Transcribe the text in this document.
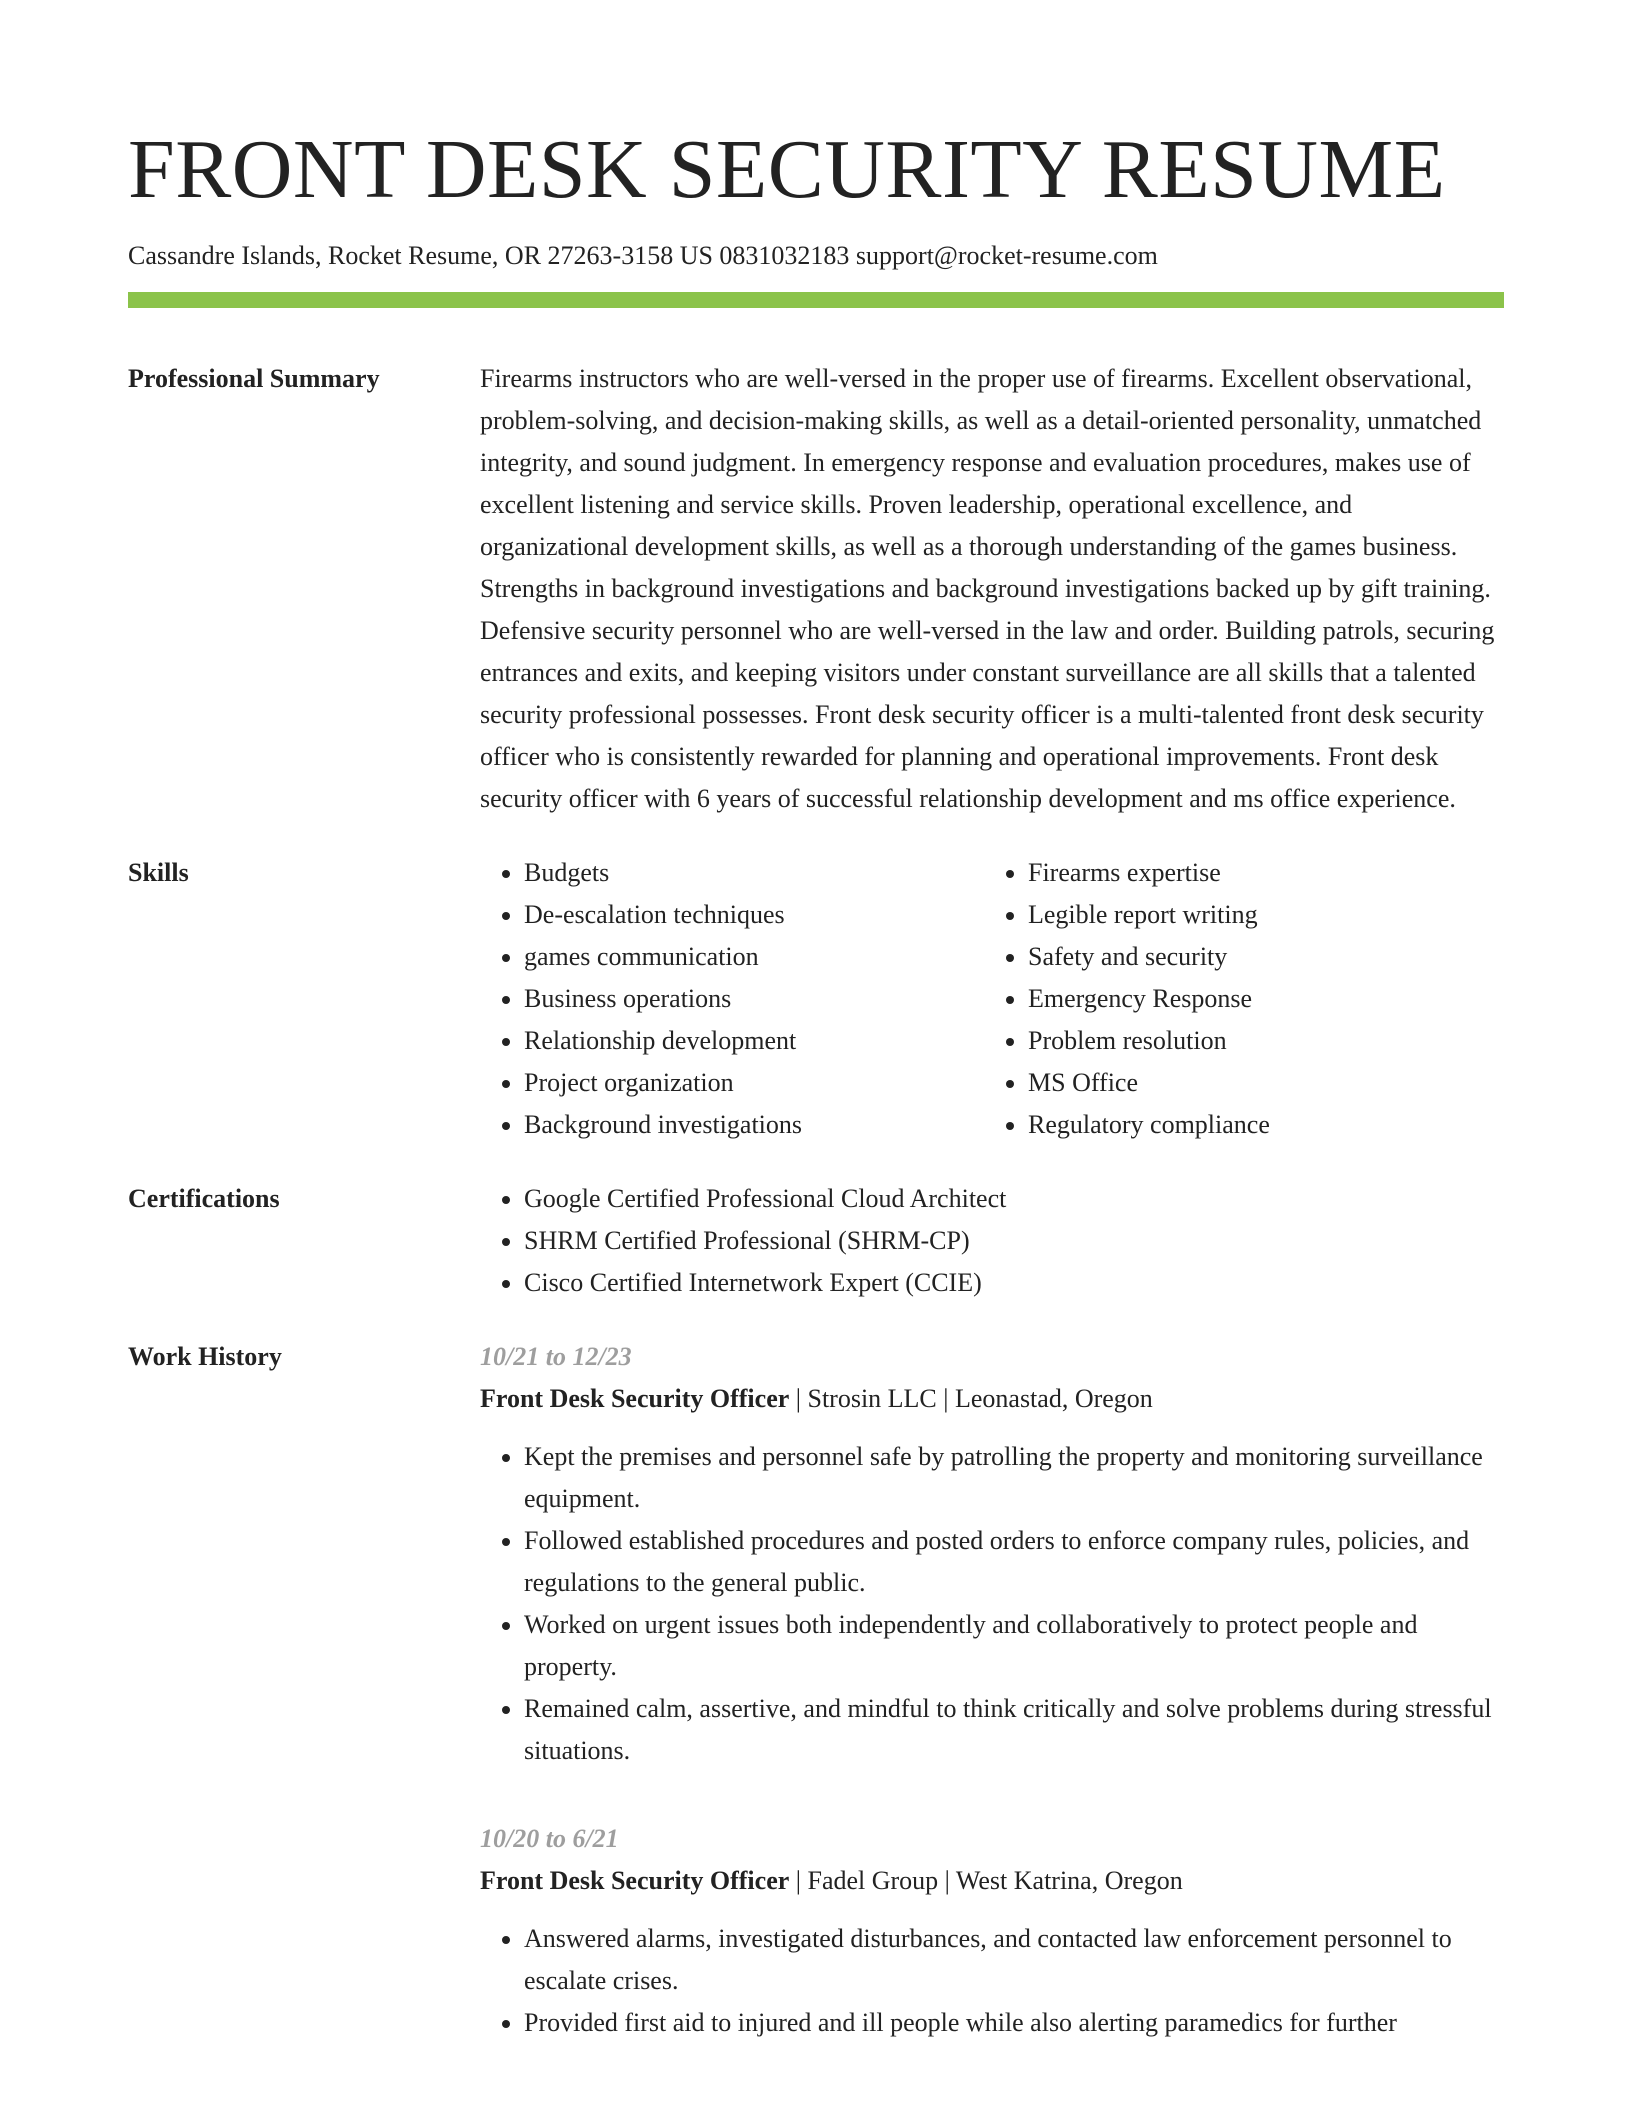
FRONT DESK SECURITY RESUME
Cassandre Islands, Rocket Resume, OR 27263-3158 US 0831032183 support@rocket-resume.com
Professional Summary	Firearms instructors who are well-versed in the proper use of firearms. Excellent observational, problem-solving, and decision-making skills, as well as a detail-oriented personality, unmatched integrity, and sound judgment. In emergency response and evaluation procedures, makes use of excellent listening and service skills. Proven leadership, operational excellence, and organizational development skills, as well as a thorough understanding of the games business. Strengths in background investigations and background investigations backed up by gift training. Defensive security personnel who are well-versed in the law and order. Building patrols, securing entrances and exits, and keeping visitors under constant surveillance are all skills that a talented security professional possesses. Front desk security officer is a multi-talented front desk security officer who is consistently rewarded for planning and operational improvements. Front desk security officer with 6 years of successful relationship development and ms office experience.

Skills	• Budgets
• De-escalation techniques
• games communication
• Business operations
• Relationship development
• Project organization
• Background investigations
• Firearms expertise
• Legible report writing
• Safety and security
• Emergency Response
• Problem resolution
• MS Office
• Regulatory compliance
Certifications	• Google Certified Professional Cloud Architect
• SHRM Certified Professional (SHRM-CP)
• Cisco Certified Internetwork Expert (CCIE)
Work History	10/21 to 12/23
Front Desk Security Officer | Strosin LLC | Leonastad, Oregon
• Kept the premises and personnel safe by patrolling the property and monitoring surveillance equipment.
• Followed established procedures and posted orders to enforce company rules, policies, and regulations to the general public.
• Worked on urgent issues both independently and collaboratively to protect people and property.
• Remained calm, assertive, and mindful to think critically and solve problems during stressful situations.
10/20 to 6/21
Front Desk Security Officer | Fadel Group | West Katrina, Oregon
• Answered alarms, investigated disturbances, and contacted law enforcement personnel to escalate crises.
• Provided first aid to injured and ill people while also alerting paramedics for further
